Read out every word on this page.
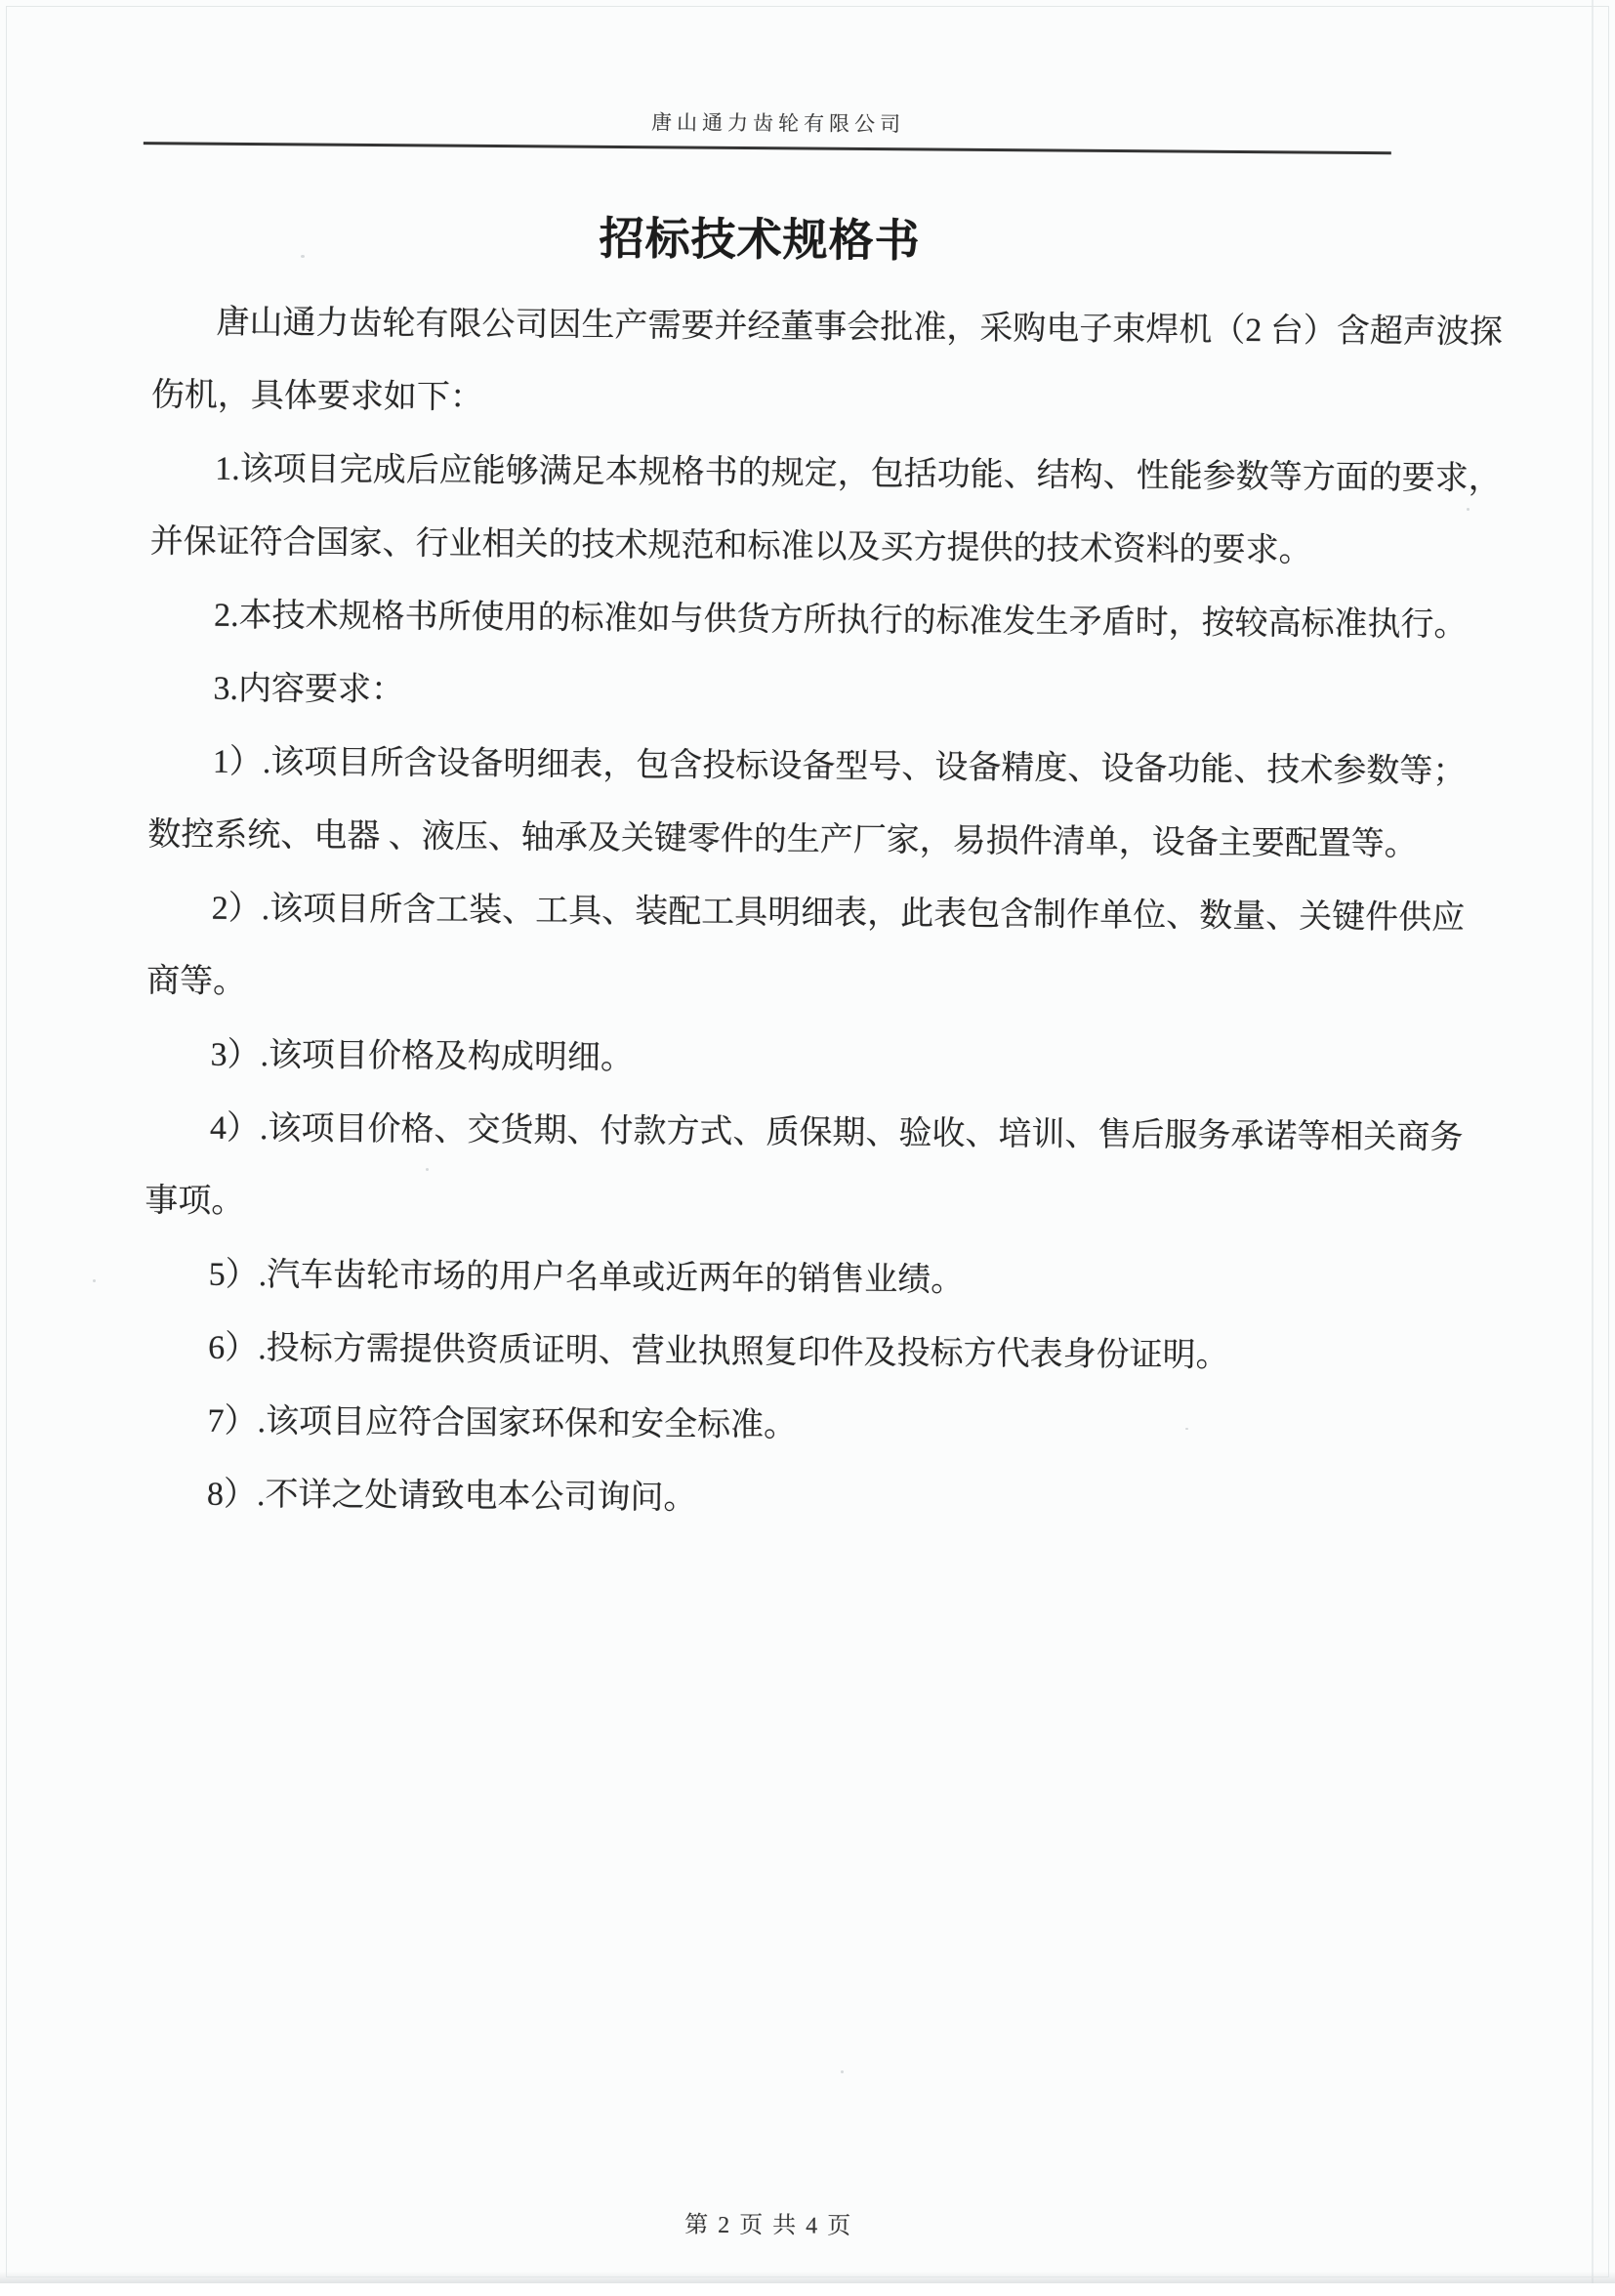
唐山通力齿轮有限公司
招标技术规格书
唐山通力齿轮有限公司因生产需要并经董事会批准，采购电子束焊机（2 台）含超声波探
伤机，具体要求如下：
1.该项目完成后应能够满足本规格书的规定，包括功能、结构、性能参数等方面的要求，
并保证符合国家、行业相关的技术规范和标准以及买方提供的技术资料的要求。
2.本技术规格书所使用的标准如与供货方所执行的标准发生矛盾时，按较高标准执行。
3.内容要求：
1）.该项目所含设备明细表，包含投标设备型号、设备精度、设备功能、技术参数等；
数控系统、电器 、液压、轴承及关键零件的生产厂家，易损件清单，设备主要配置等。
2）.该项目所含工装、工具、装配工具明细表，此表包含制作单位、数量、关键件供应
商等。
3）.该项目价格及构成明细。
4）.该项目价格、交货期、付款方式、质保期、验收、培训、售后服务承诺等相关商务
事项。
5）.汽车齿轮市场的用户名单或近两年的销售业绩。
6）.投标方需提供资质证明、营业执照复印件及投标方代表身份证明。
7）.该项目应符合国家环保和安全标准。
8）.不详之处请致电本公司询问。
第 2 页 共 4 页
